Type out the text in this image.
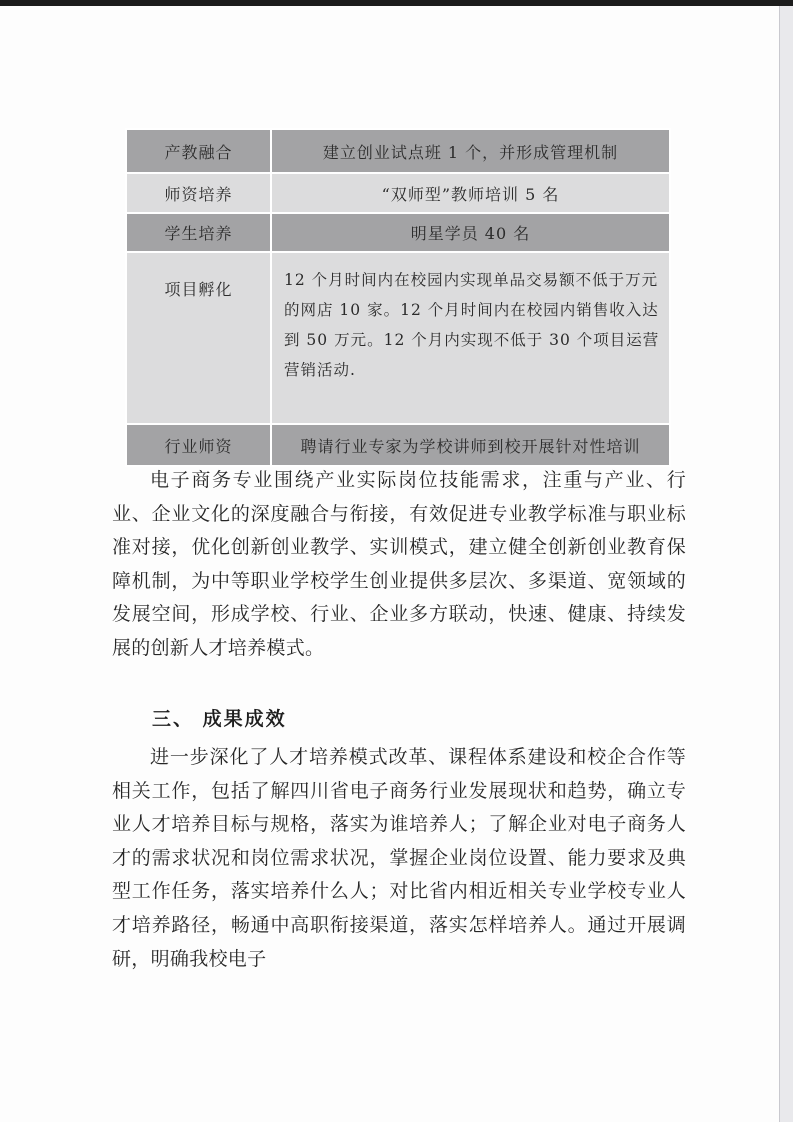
产教融合	建立创业试点班 1 个，并形成管理机制
师资培养	“双师型”教师培训 5 名
学生培养	明星学员 40 名
项目孵化	12 个月时间内在校园内实现单品交易额不低于万元的网店 10 家。12 个月时间内在校园内销售收入达到 50 万元。12 个月内实现不低于 30 个项目运营营销活动.
行业师资	聘请行业专家为学校讲师到校开展针对性培训

电子商务专业围绕产业实际岗位技能需求，注重与产业、行业、企业文化的深度融合与衔接，有效促进专业教学标准与职业标准对接，优化创新创业教学、实训模式，建立健全创新创业教育保障机制，为中等职业学校学生创业提供多层次、多渠道、宽领域的发展空间，形成学校、行业、企业多方联动，快速、健康、持续发展的创新人才培养模式。

三、 成果成效

进一步深化了人才培养模式改革、课程体系建设和校企合作等相关工作，包括了解四川省电子商务行业发展现状和趋势，确立专业人才培养目标与规格，落实为谁培养人；了解企业对电子商务人才的需求状况和岗位需求状况，掌握企业岗位设置、能力要求及典型工作任务，落实培养什么人；对比省内相近相关专业学校专业人才培养路径，畅通中高职衔接渠道，落实怎样培养人。通过开展调研，明确我校电子
